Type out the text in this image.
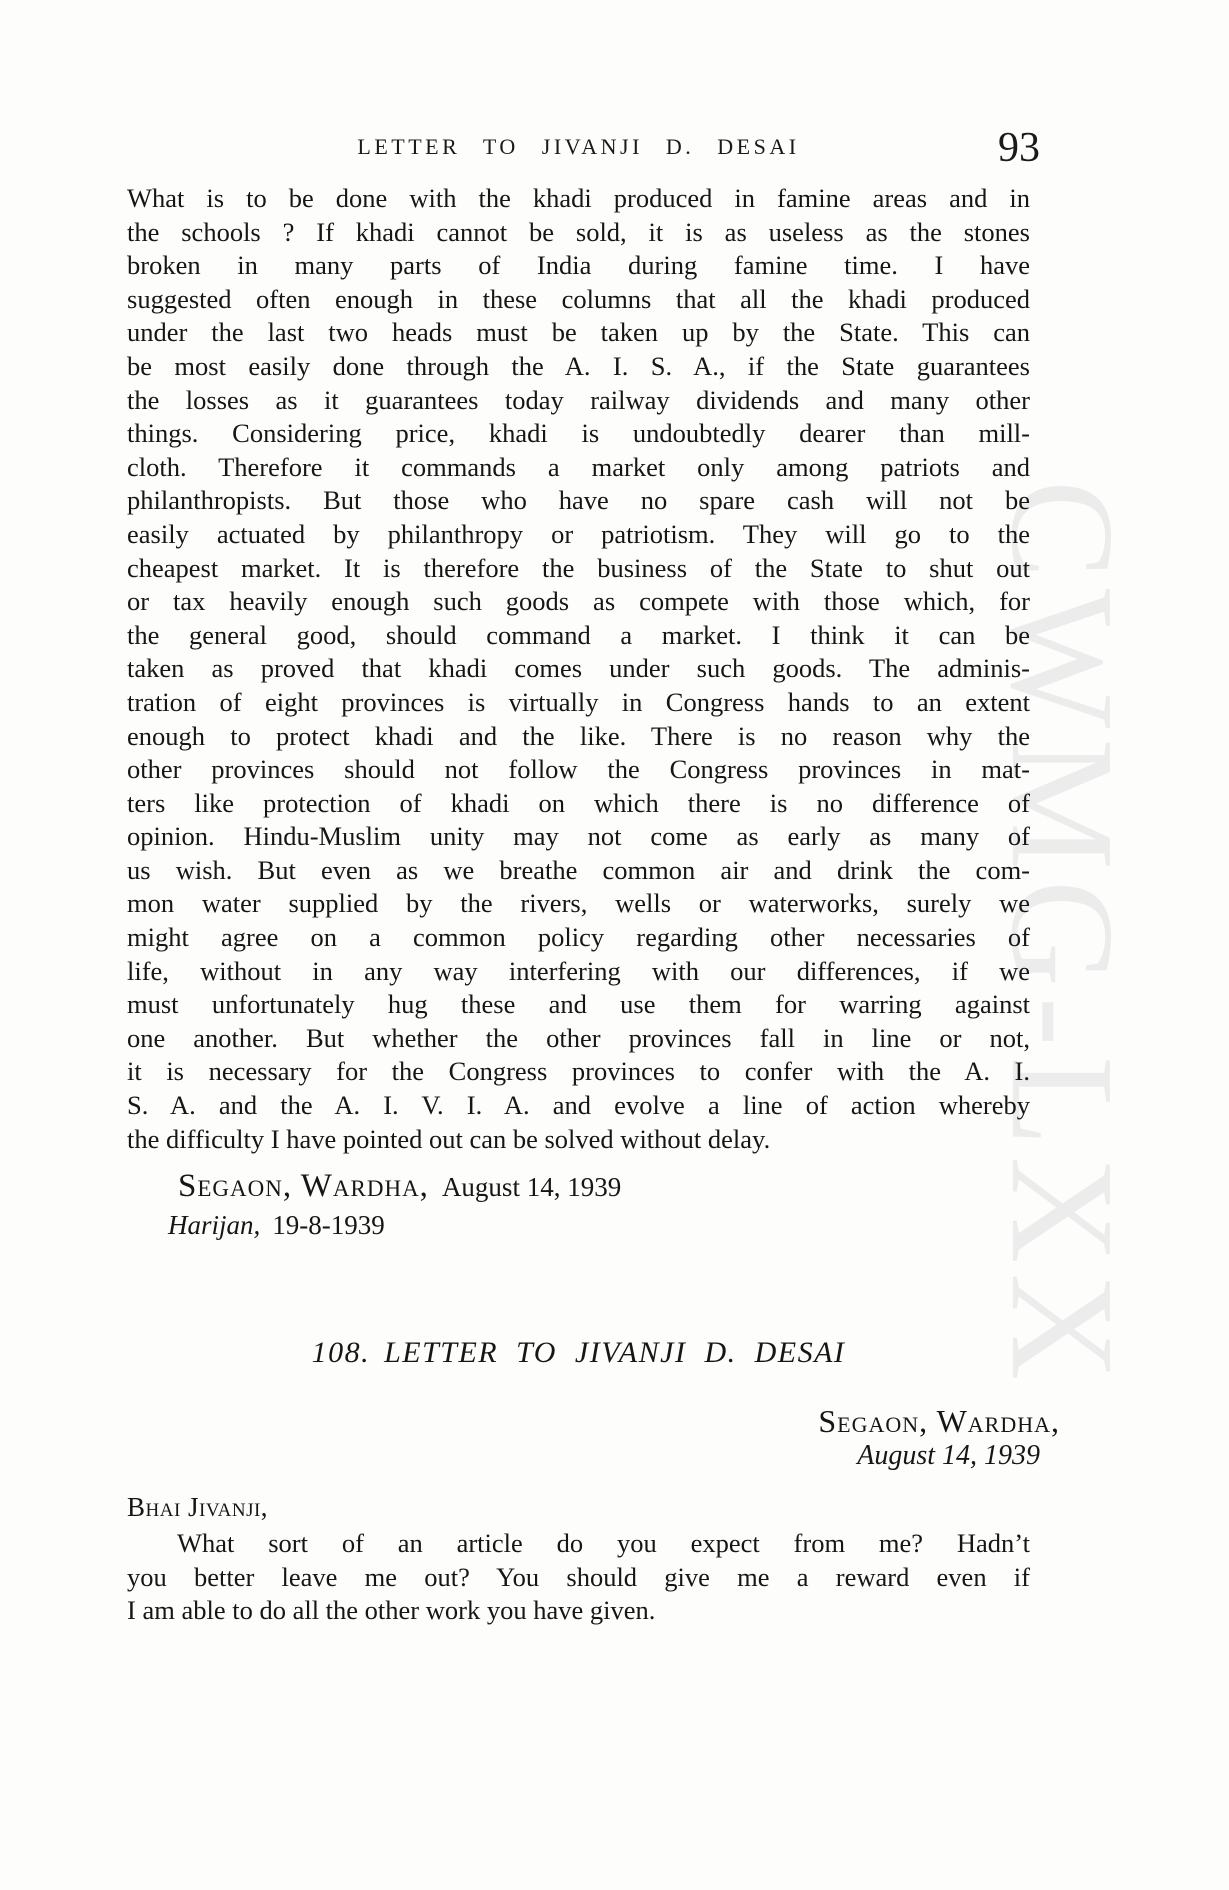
CWMG-LXX
LETTER TO JIVANJI D. DESAI	93
What is to be done with the khadi produced in famine areas and in
the schools ? If khadi cannot be sold, it is as useless as the stones
broken in many parts of India during famine time. I have
suggested often enough in these columns that all the khadi produced
under the last two heads must be taken up by the State. This can
be most easily done through the A. I. S. A., if the State guarantees
the losses as it guarantees today railway dividends and many other
things. Considering price, khadi is undoubtedly dearer than mill-
cloth. Therefore it commands a market only among patriots and
philanthropists. But those who have no spare cash will not be
easily actuated by philanthropy or patriotism. They will go to the
cheapest market. It is therefore the business of the State to shut out
or tax heavily enough such goods as compete with those which, for
the general good, should command a market. I think it can be
taken as proved that khadi comes under such goods. The adminis-
tration of eight provinces is virtually in Congress hands to an extent
enough to protect khadi and the like. There is no reason why the
other provinces should not follow the Congress provinces in mat-
ters like protection of khadi on which there is no difference of
opinion. Hindu-Muslim unity may not come as early as many of
us wish. But even as we breathe common air and drink the com-
mon water supplied by the rivers, wells or waterworks, surely we
might agree on a common policy regarding other necessaries of
life, without in any way interfering with our differences, if we
must unfortunately hug these and use them for warring against
one another. But whether the other provinces fall in line or not,
it is necessary for the Congress provinces to confer with the A. I.
S. A. and the A. I. V. I. A. and evolve a line of action whereby
the difficulty I have pointed out can be solved without delay.
Segaon, Wardha, August 14, 1939
Harijan, 19-8-1939
108. LETTER TO JIVANJI D. DESAI
Segaon, Wardha,
August 14, 1939
Bhai Jivanji,
What sort of an article do you expect from me? Hadn’t
you better leave me out? You should give me a reward even if
I am able to do all the other work you have given.
